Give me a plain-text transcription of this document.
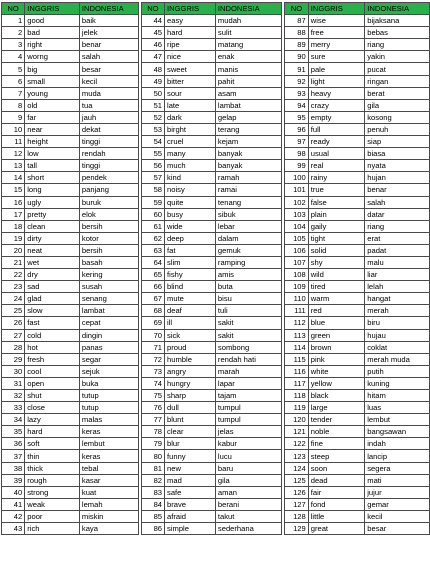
NO	INGGRIS	INDONESIA		NO	INGGRIS	INDONESIA		NO	INGGRIS	INDONESIA
1	good	baik		44	easy	mudah		87	wise	bijaksana
2	bad	jelek		45	hard	sulit		88	free	bebas
3	right	benar		46	ripe	matang		89	merry	riang
4	worng	salah		47	nice	enak		90	sure	yakin
5	big	besar		48	sweet	manis		91	pale	pucat
6	small	kecil		49	bitter	pahit		92	light	ringan
7	young	muda		50	sour	asam		93	heavy	berat
8	old	tua		51	late	lambat		94	crazy	gila
9	far	jauh		52	dark	gelap		95	empty	kosong
10	near	dekat		53	birght	terang		96	full	penuh
11	height	tinggi		54	cruel	kejam		97	ready	siap
12	low	rendah		55	many	banyak		98	usual	biasa
13	tall	tinggi		56	much	banyak		99	real	nyata
14	short	pendek		57	kind	ramah		100	rainy	hujan
15	long	panjang		58	noisy	ramai		101	true	benar
16	ugly	buruk		59	quite	tenang		102	false	salah
17	pretty	elok		60	busy	sibuk		103	plain	datar
18	clean	bersih		61	wide	lebar		104	gaily	riang
19	dirty	kotor		62	deep	dalam		105	tight	erat
20	neat	bersih		63	fat	gemuk		106	solid	padat
21	wet	basah		64	slim	ramping		107	shy	malu
22	dry	kering		65	fishy	amis		108	wild	liar
23	sad	susah		66	blind	buta		109	tired	lelah
24	glad	senang		67	mute	bisu		110	warm	hangat
25	slow	lambat		68	deaf	tuli		111	red	merah
26	fast	cepat		69	ill	sakit		112	blue	biru
27	cold	dingin		70	sick	sakit		113	green	hujau
28	hot	panas		71	proud	sombong		114	brown	coklat
29	fresh	segar		72	humble	rendah hati		115	pink	merah muda
30	cool	sejuk		73	angry	marah		116	white	putih
31	open	buka		74	hungry	lapar		117	yellow	kuning
32	shut	tutup		75	sharp	tajam		118	black	hitam
33	close	tutup		76	dull	tumpul		119	large	luas
34	lazy	malas		77	blunt	tumpul		120	tender	lembut
35	hard	keras		78	clear	jelas		121	noble	bangsawan
36	soft	lembut		79	blur	kabur		122	fine	indah
37	thin	keras		80	funny	lucu		123	steep	lancip
38	thick	tebal		81	new	baru		124	soon	segera
39	rough	kasar		82	mad	gila		125	dead	mati
40	strong	kuat		83	safe	aman		126	fair	jujur
41	weak	lemah		84	brave	berani		127	fond	gemar
42	poor	miskin		85	afraid	takut		128	little	kecil
43	rich	kaya		86	simple	sederhana		129	great	besar
